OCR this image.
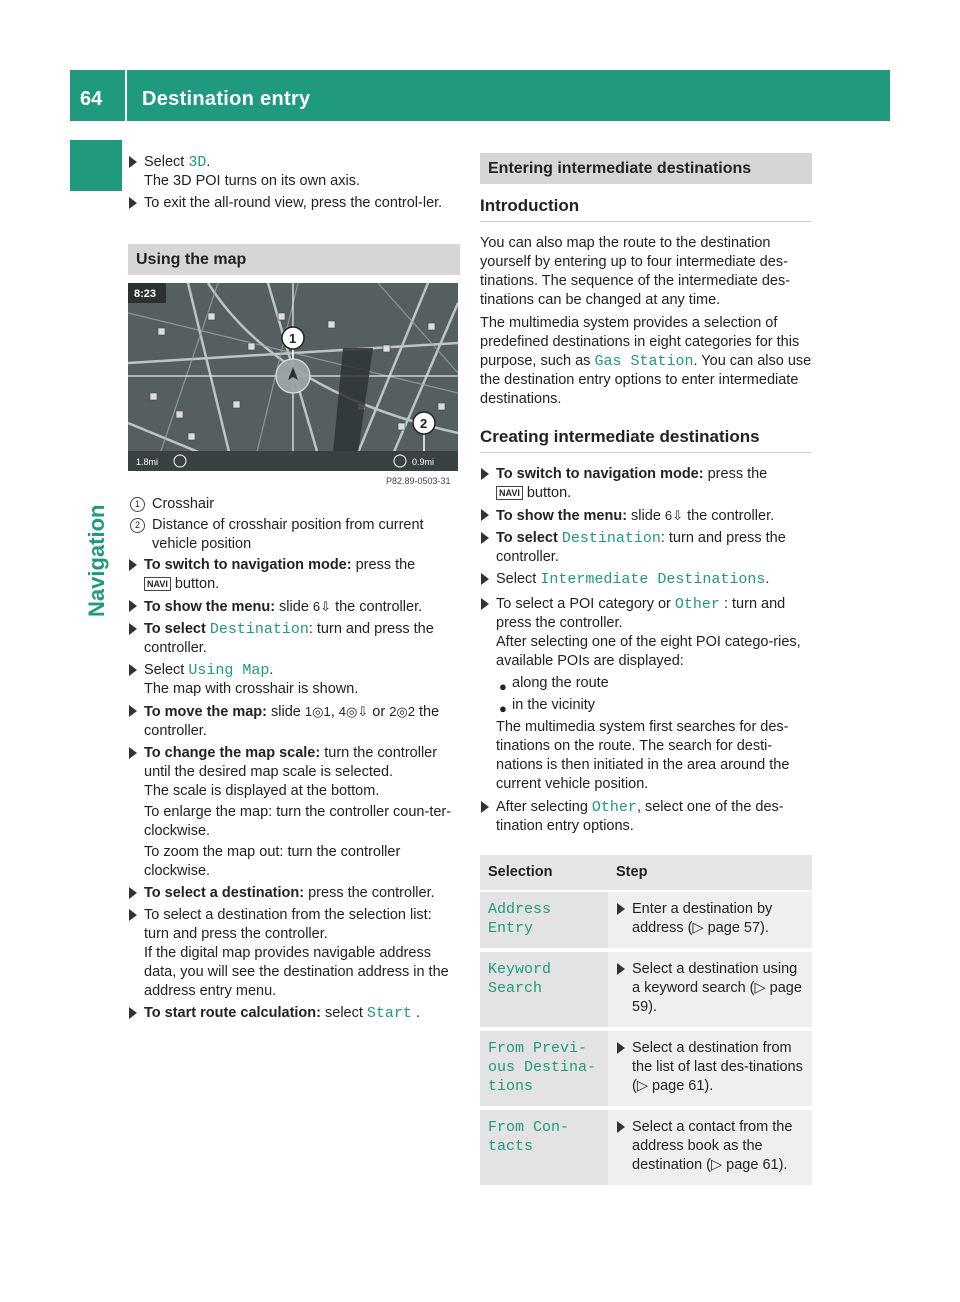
64 Destination entry
Navigation
Select 3D.
The 3D POI turns on its own axis.
To exit the all-round view, press the control-ler.
Using the map
8:23
1
1.8mi	0.9mi
2
P82.89-0503-31
1 Crosshair
2 Distance of crosshair position from current vehicle position
To switch to navigation mode: press the
NAVI button.
To show the menu: slide 6⇩ the controller.
To select Destination: turn and press the controller.
Select Using Map.
The map with crosshair is shown.
To move the map: slide 1◎1, 4◎⇩ or 2◎2 the controller.
To change the map scale: turn the controller until the desired map scale is selected.
The scale is displayed at the bottom.
To enlarge the map: turn the controller coun-ter-clockwise.
To zoom the map out: turn the controller clockwise.
To select a destination: press the controller.
To select a destination from the selection list: turn and press the controller.
If the digital map provides navigable address data, you will see the destination address in the address entry menu.
To start route calculation: select Start .
Entering intermediate destinations
Introduction
You can also map the route to the destination yourself by entering up to four intermediate des-tinations. The sequence of the intermediate des-tinations can be changed at any time.
The multimedia system provides a selection of predefined destinations in eight categories for this purpose, such as Gas Station. You can also use the destination entry options to enter intermediate destinations.
Creating intermediate destinations
To switch to navigation mode: press the
NAVI button.
To show the menu: slide 6⇩ the controller.
To select Destination: turn and press the controller.
Select Intermediate Destinations.
To select a POI category or Other : turn and press the controller.
After selecting one of the eight POI catego-ries, available POIs are displayed:
● along the route
● in the vicinity
The multimedia system first searches for des-tinations on the route. The search for desti-nations is then initiated in the area around the current vehicle position.
After selecting Other, select one of the des-tination entry options.
Selection	Step
Address Entry	Enter a destination by address (▷ page 57).

Keyword
Search	Select a destination using a keyword search (▷ page 59).

From Previ‑
ous Destina‑
tions	Select a destination from the list of last des-tinations (▷ page 61).

From Con‑
tacts	Select a contact from the address book as the destination (▷ page 61).
